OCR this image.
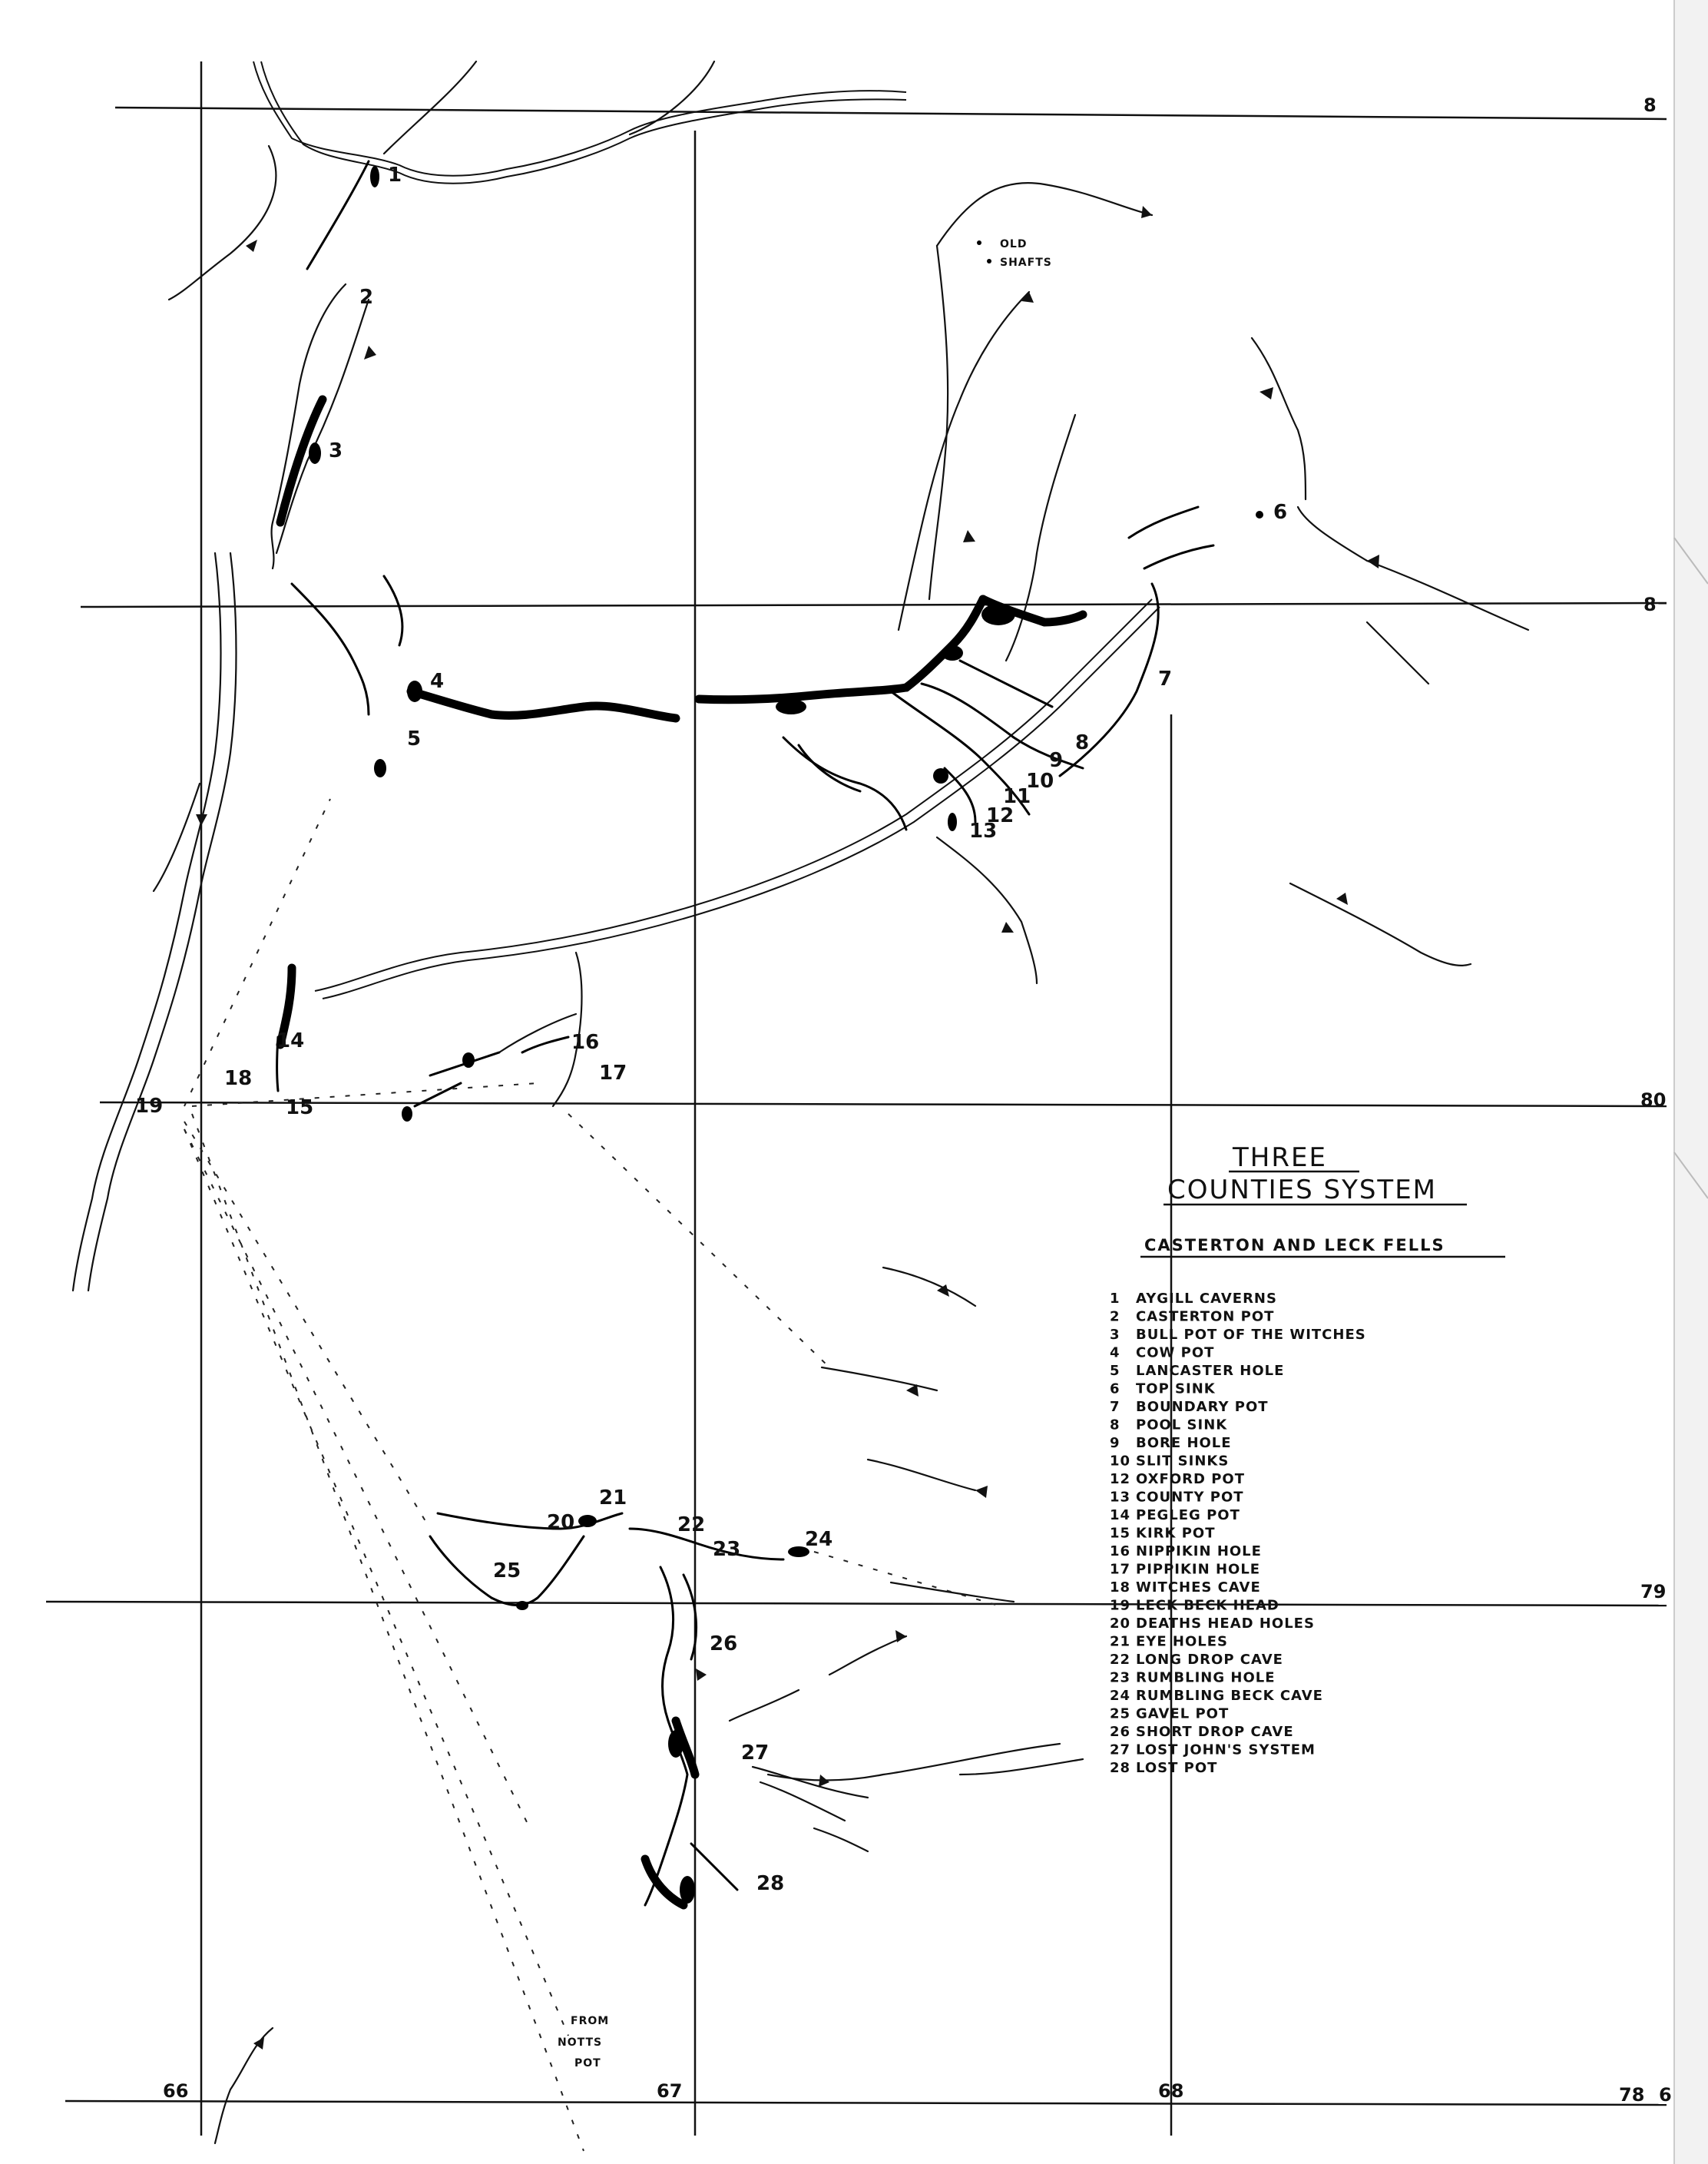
1
2
3
4
5
6
7
8
9
10
11
12
13
14
15
16
17
18
19
20
21
22
23	24
25
26
27
28
OLD
SHAFTS
FROM
NOTTS
POT
8
8
80
79
66	67	68	78 6
THREE
COUNTIES SYSTEM
CASTERTON AND LECK FELLS
1 AYGILL CAVERNS
2 CASTERTON POT
3 BULL POT OF THE WITCHES
4 COW POT
5 LANCASTER HOLE
6 TOP SINK
7 BOUNDARY POT
8 POOL SINK
9 BORE HOLE
10 SLIT SINKS
12 OXFORD POT
13 COUNTY POT
14 PEGLEG POT
15 KIRK POT
16 NIPPIKIN HOLE
17 PIPPIKIN HOLE
18 WITCHES CAVE
19 LECK BECK HEAD
20 DEATHS HEAD HOLES
21 EYE HOLES
22 LONG DROP CAVE
23 RUMBLING HOLE
24 RUMBLING BECK CAVE
25 GAVEL POT
26 SHORT DROP CAVE
27 LOST JOHN'S SYSTEM
28 LOST POT
